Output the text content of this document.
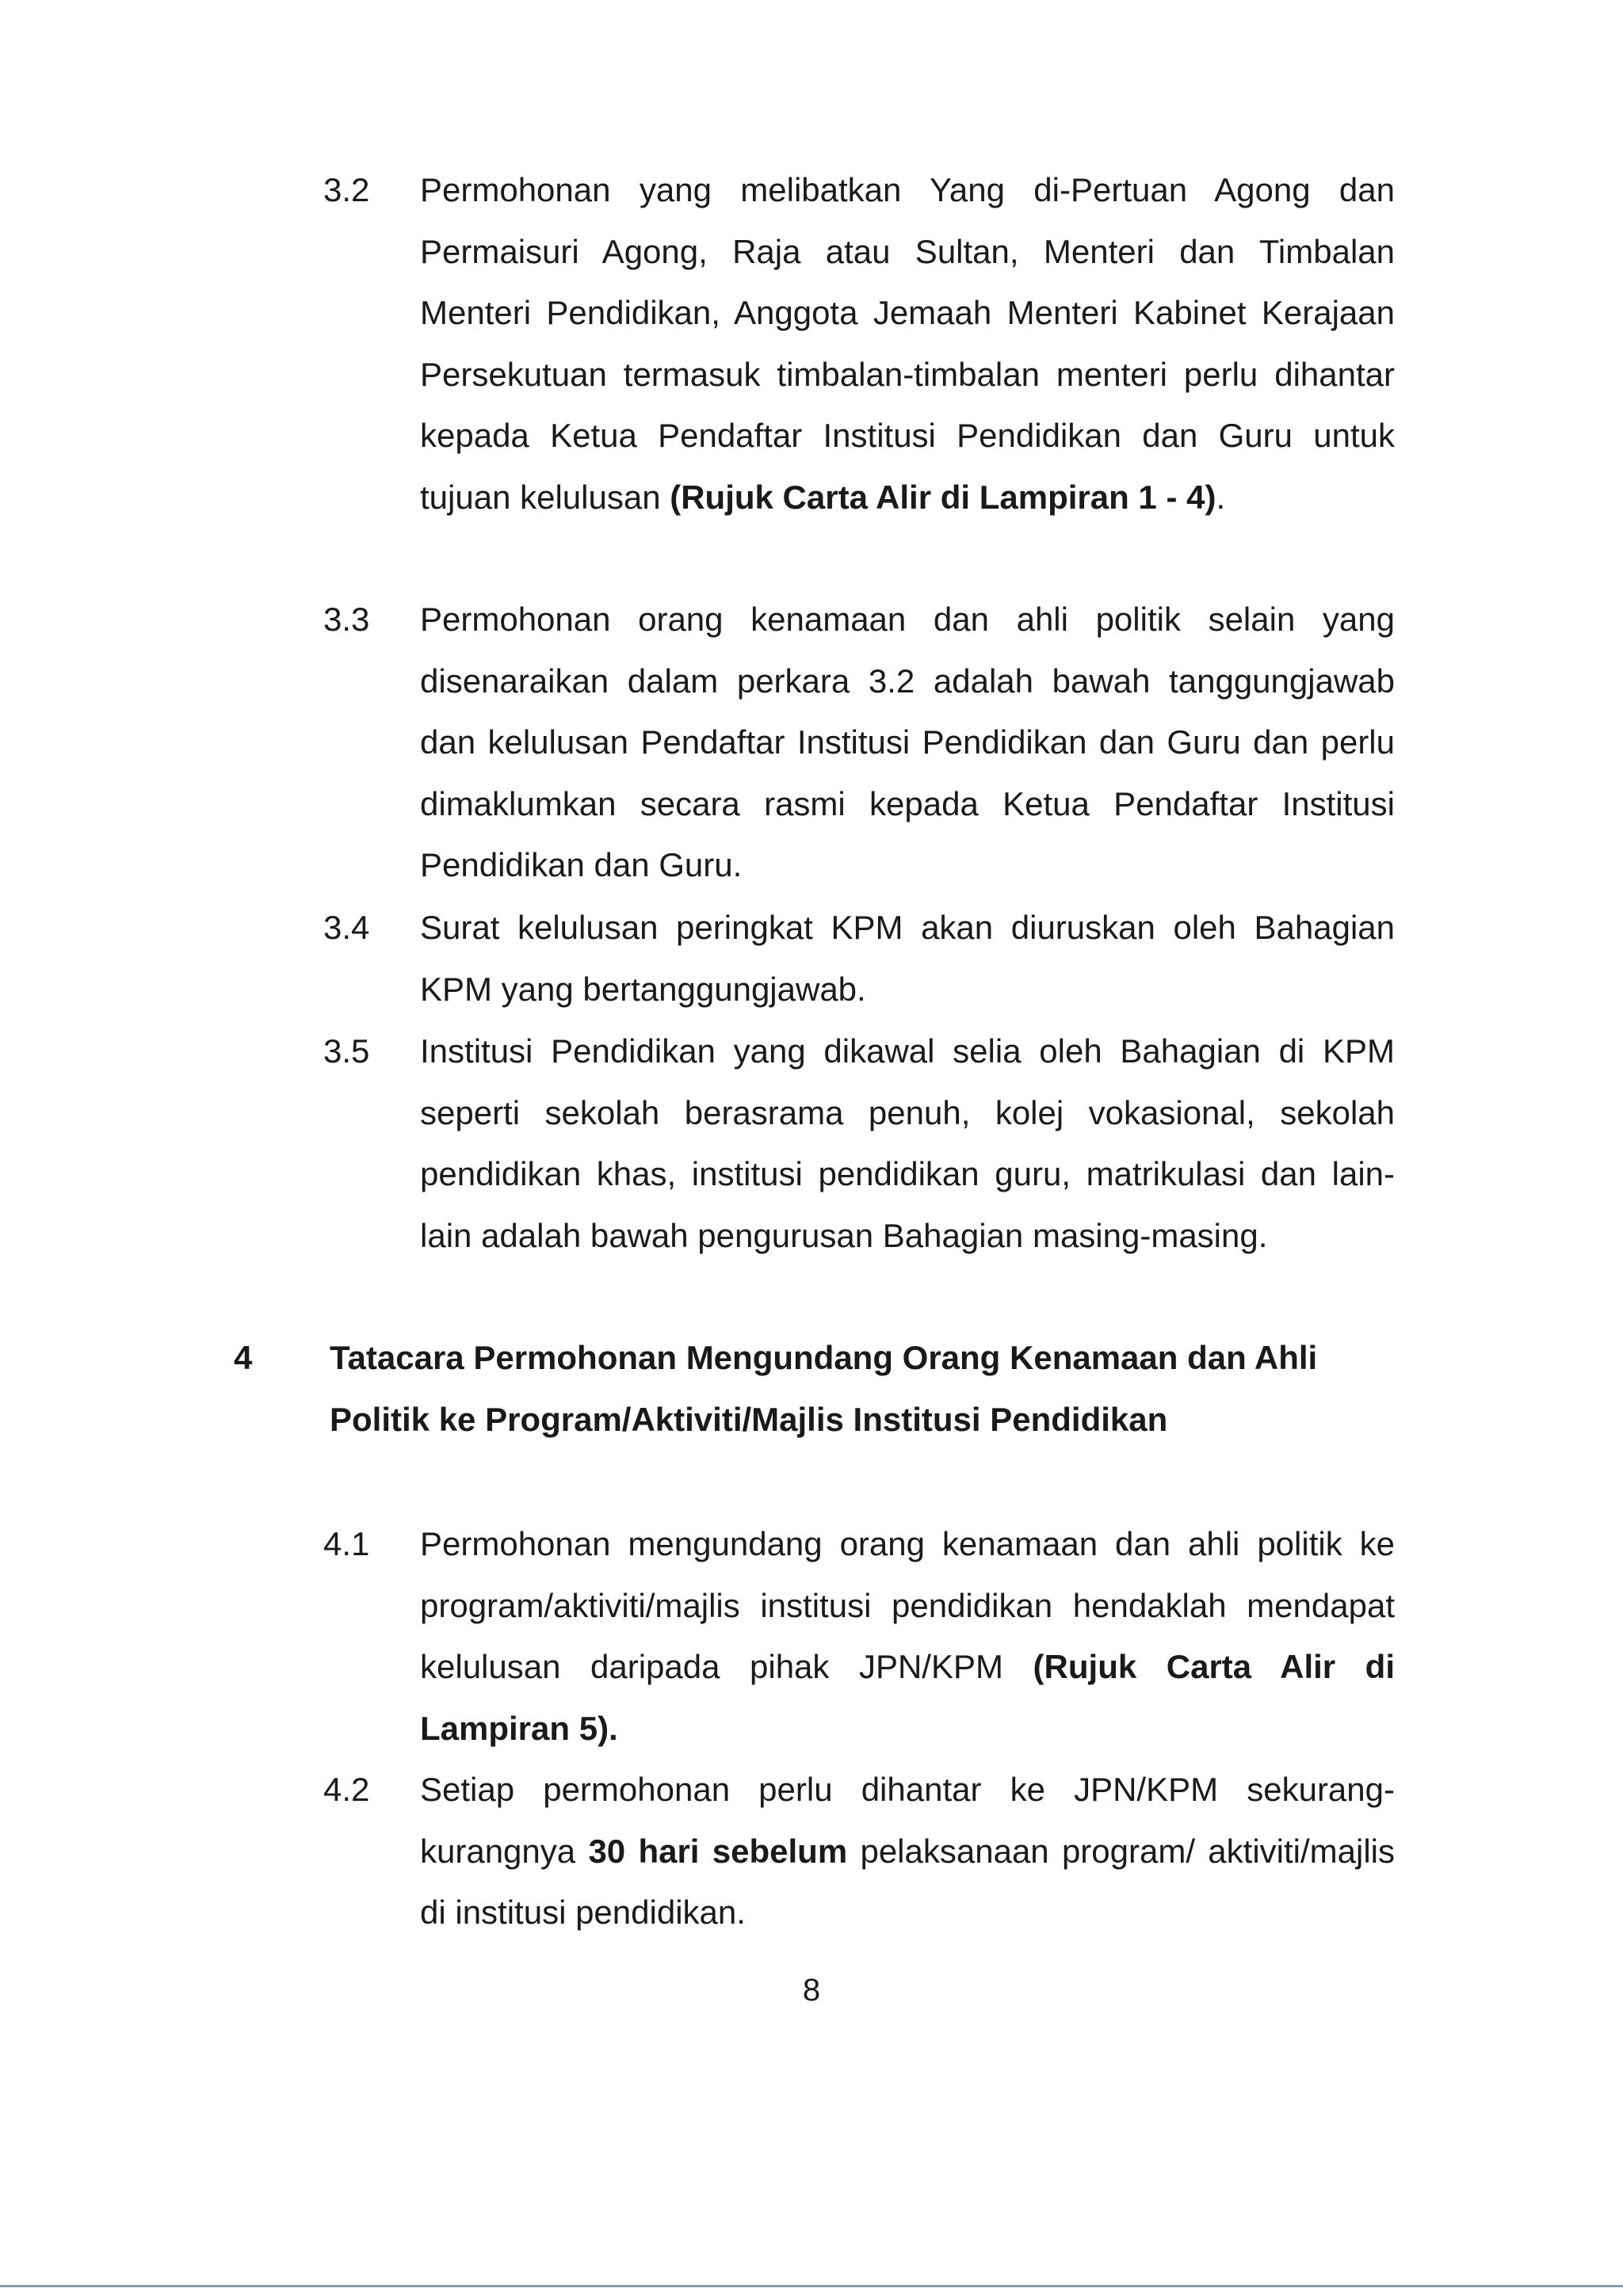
3.2 Permohonan yang melibatkan Yang di-Pertuan Agong dan Permaisuri Agong, Raja atau Sultan, Menteri dan Timbalan Menteri Pendidikan, Anggota Jemaah Menteri Kabinet Kerajaan Persekutuan termasuk timbalan-timbalan menteri perlu dihantar kepada Ketua Pendaftar Institusi Pendidikan dan Guru untuk tujuan kelulusan (Rujuk Carta Alir di Lampiran 1 - 4).
3.3 Permohonan orang kenamaan dan ahli politik selain yang disenaraikan dalam perkara 3.2 adalah bawah tanggungjawab dan kelulusan Pendaftar Institusi Pendidikan dan Guru dan perlu dimaklumkan secara rasmi kepada Ketua Pendaftar Institusi Pendidikan dan Guru.
3.4 Surat kelulusan peringkat KPM akan diuruskan oleh Bahagian KPM yang bertanggungjawab.
3.5 Institusi Pendidikan yang dikawal selia oleh Bahagian di KPM seperti sekolah berasrama penuh, kolej vokasional, sekolah pendidikan khas, institusi pendidikan guru, matrikulasi dan lain-lain adalah bawah pengurusan Bahagian masing-masing.
4 Tatacara Permohonan Mengundang Orang Kenamaan dan Ahli Politik ke Program/Aktiviti/Majlis Institusi Pendidikan
4.1 Permohonan mengundang orang kenamaan dan ahli politik ke program/aktiviti/majlis institusi pendidikan hendaklah mendapat kelulusan daripada pihak JPN/KPM (Rujuk Carta Alir di Lampiran 5).
4.2 Setiap permohonan perlu dihantar ke JPN/KPM sekurang-kurangnya 30 hari sebelum pelaksanaan program/ aktiviti/majlis di institusi pendidikan.
8
